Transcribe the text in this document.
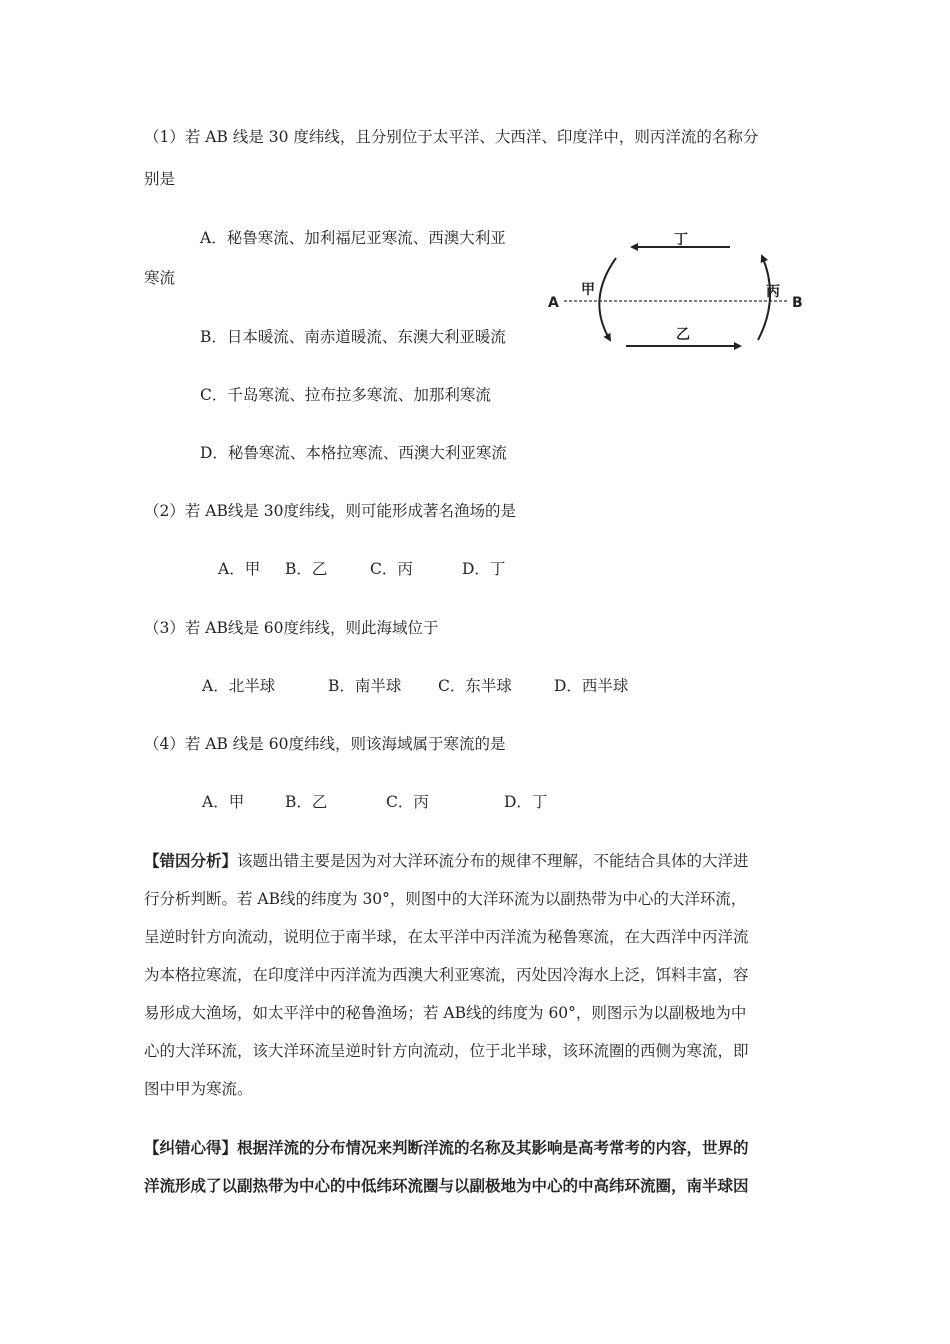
（1）若 AB 线是 30 度纬线，且分别位于太平洋、大西洋、印度洋中，则丙洋流的名称分
别是
A．秘鲁寒流、加利福尼亚寒流、西澳大利亚
寒流
B．日本暖流、南赤道暖流、东澳大利亚暖流
C．千岛寒流、拉布拉多寒流、加那利寒流
D．秘鲁寒流、本格拉寒流、西澳大利亚寒流
A	B
甲	丙
丁
乙
（2）若 AB线是 30度纬线，则可能形成著名渔场的是
A．甲 B．乙	C．丙	D．丁
（3）若 AB线是 60度纬线，则此海域位于
A．北半球	B．南半球 C．东半球	D．西半球
（4）若 AB 线是 60度纬线，则该海域属于寒流的是
A．甲	B．乙	C．丙	D．丁
【错因分析】该题出错主要是因为对大洋环流分布的规律不理解，不能结合具体的大洋进
行分析判断。若 AB线的纬度为 30°，则图中的大洋环流为以副热带为中心的大洋环流，
呈逆时针方向流动，说明位于南半球，在太平洋中丙洋流为秘鲁寒流，在大西洋中丙洋流
为本格拉寒流，在印度洋中丙洋流为西澳大利亚寒流，丙处因冷海水上泛，饵料丰富，容
易形成大渔场，如太平洋中的秘鲁渔场；若 AB线的纬度为 60°，则图示为以副极地为中
心的大洋环流，该大洋环流呈逆时针方向流动，位于北半球，该环流圈的西侧为寒流，即
图中甲为寒流。
【纠错心得】根据洋流的分布情况来判断洋流的名称及其影响是高考常考的内容，世界的
洋流形成了以副热带为中心的中低纬环流圈与以副极地为中心的中高纬环流圈，南半球因
